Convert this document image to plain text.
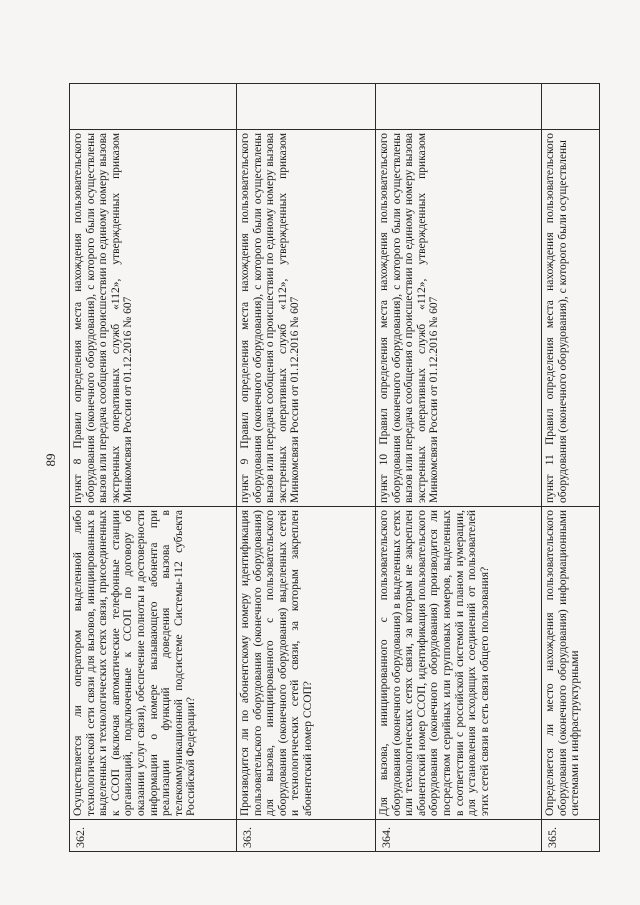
89
362.
Осуществляется ли оператором выделенной либо технологической сети связи для вызовов, инициированных в выделенных и технологических сетях связи, присоединенных к ССОП (включая автоматические телефонные станции организаций, подключенные к ССОП по договору об оказании услуг связи), обеспечение полноты и достоверности информации о номере вызывающего абонента при реализации функций доведения вызова в телекоммуникационной подсистеме Системы-112 субъекта Российской Федерации?
пункт 8 Правил определения места нахождения пользовательского оборудования (оконечного оборудования), с которого были осуществлены вызов или передача сообщения о происшествии по единому номеру вызова экстренных оперативных служб «112», утвержденных приказом Минкомсвязи России от 01.12.2016 № 607
363.
Производится ли по абонентскому номеру идентификация пользовательского оборудования (оконечного оборудования) для вызова, инициированного с пользовательского оборудования (оконечного оборудования) выделенных сетей и технологических сетей связи, за которым закреплен абонентский номер ССОП?
пункт 9 Правил определения места нахождения пользовательского оборудования (оконечного оборудования), с которого были осуществлены вызов или передача сообщения о происшествии по единому номеру вызова экстренных оперативных служб «112», утвержденных приказом Минкомсвязи России от 01.12.2016 № 607
364.
Для вызова, инициированного с пользовательского оборудования (оконечного оборудования) в выделенных сетях или технологических сетях связи, за которым не закреплен абонентский номер ССОП, идентификация пользовательского оборудования (оконечного оборудования) производится ли посредством серийных или групповых номеров, выделенных в соответствии с российской системой и планом нумерации, для установления исходящих соединений от пользователей этих сетей связи в сеть связи общего пользования?
пункт 10 Правил определения места нахождения пользовательского оборудования (оконечного оборудования), с которого были осуществлены вызов или передача сообщения о происшествии по единому номеру вызова экстренных оперативных служб «112», утвержденных приказом Минкомсвязи России от 01.12.2016 № 607
365.
Определяется ли место нахождения пользовательского оборудования (оконечного оборудования) информационными системами и инфраструктурными
пункт 11 Правил определения места нахождения пользовательского оборудования (оконечного оборудования), с которого были осуществлены
